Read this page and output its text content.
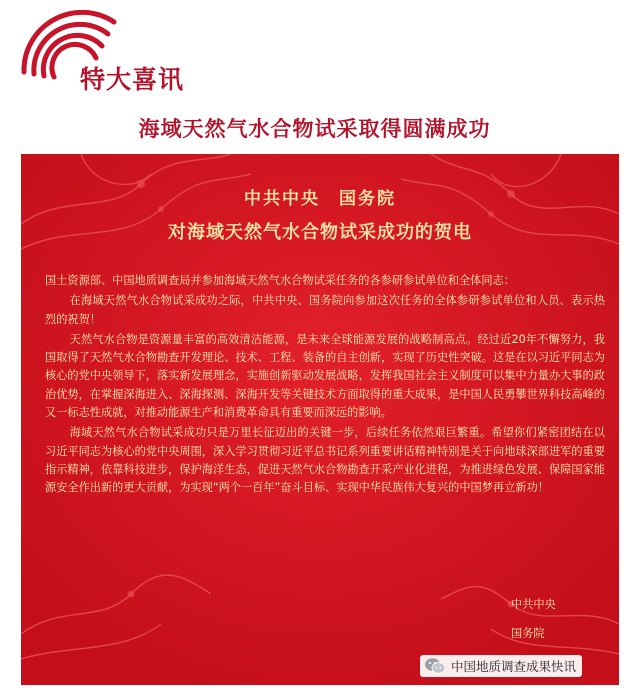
特大喜讯
海域天然气水合物试采取得圆满成功
中共中央　国务院
对海域天然气水合物试采成功的贺电

国土资源部、中国地质调查局并参加海域天然气水合物试采任务的各参研参试单位和全体同志：

在海域天然气水合物试采成功之际，中共中央、国务院向参加这次任务的全体参研参试单位和人员、表示热烈的祝贺！

天然气水合物是资源量丰富的高效清洁能源，是未来全球能源发展的战略制高点。经过近20年不懈努力，我国取得了天然气水合物勘查开发理论、技术、工程、装备的自主创新，实现了历史性突破。这是在以习近平同志为核心的党中央领导下，落实新发展理念，实施创新驱动发展战略，发挥我国社会主义制度可以集中力量办大事的政治优势，在掌握深海进入、深海探测、深海开发等关键技术方面取得的重大成果，是中国人民勇攀世界科技高峰的又一标志性成就，对推动能源生产和消费革命具有重要而深远的影响。

海域天然气水合物试采成功只是万里长征迈出的关键一步，后续任务依然艰巨繁重。希望你们紧密团结在以习近平同志为核心的党中央周围，深入学习贯彻习近平总书记系列重要讲话精神特别是关于向地球深部进军的重要指示精神，依靠科技进步，保护海洋生态，促进天然气水合物勘查开采产业化进程，为推进绿色发展、保障国家能源安全作出新的更大贡献，为实现“两个一百年”奋斗目标、实现中华民族伟大复兴的中国梦再立新功！

中共中央
国务院
中国地质调查成果快讯
